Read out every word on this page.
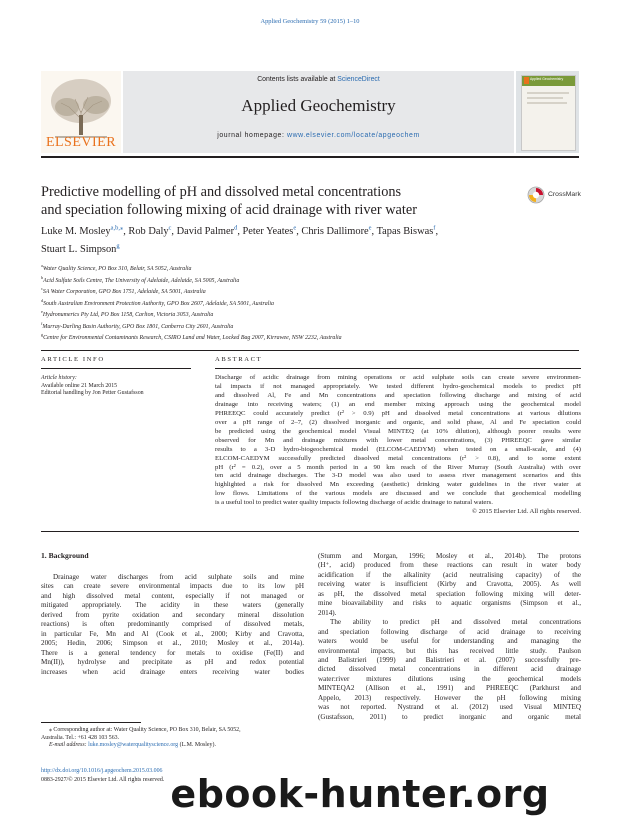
Applied Geochemistry 59 (2015) 1–10
ELSEVIER
Contents lists available at ScienceDirect
Applied Geochemistry
journal homepage: www.elsevier.com/locate/apgeochem
Applied Geochemistry
Predictive modelling of pH and dissolved metal concentrations
and speciation following mixing of acid drainage with river water
CrossMark
Luke M. Mosley$^{a,b,⁎}$, Rob Daly$^c$, David Palmer$^d$, Peter Yeates$^e$, Chris Dallimore$^e$, Tapas Biswas$^f$,
Stuart L. Simpson$^g$
$^a$Water Quality Science, PO Box 310, Belair, SA 5052, Australia
$^b$Acid Sulfate Soils Centre, The University of Adelaide, Adelaide, SA 5005, Australia
$^c$SA Water Corporation, GPO Box 1751, Adelaide, SA 5001, Australia
$^d$South Australian Environment Protection Authority, GPO Box 2607, Adelaide, SA 5001, Australia
$^e$Hydronumerics Pty Ltd, PO Box 1158, Carlton, Victoria 3053, Australia
$^f$Murray-Darling Basin Authority, GPO Box 1801, Canberra City 2601, Australia
$^g$Centre for Environmental Contaminants Research, CSIRO Land and Water, Locked Bag 2007, Kirrawee, NSW 2232, Australia
ARTICLE INFO
Article history:
Available online 21 March 2015
Editorial handling by Jon Petter Gustafsson
ABSTRACT
Discharge of acidic drainage from mining operations or acid sulphate soils can create severe environmen-
tal impacts if not managed appropriately. We tested different hydro-geochemical models to predict pH
and dissolved Al, Fe and Mn concentrations and speciation following discharge and mixing of acid
drainage into receiving waters; (1) an end member mixing approach using the geochemical model
PHREEQC could accurately predict (r² > 0.9) pH and dissolved metal concentrations at various dilutions
over a pH range of 2–7, (2) dissolved inorganic and organic, and solid phase, Al and Fe speciation could
be predicted using the geochemical model Visual MINTEQ (at 10% dilution), although poorer results were
observed for Mn and drainage mixtures with lower metal concentrations, (3) PHREEQC gave similar
results to a 3-D hydro-biogeochemical model (ELCOM-CAEDYM) when tested on a small-scale, and (4)
ELCOM-CAEDYM successfully predicted dissolved metal concentrations (r² > 0.8), and to some extent
pH (r² = 0.2), over a 5 month period in a 90 km reach of the River Murray (South Australia) with over
ten acid drainage discharges. The 3-D model was also used to assess river management scenarios and this
highlighted a risk for dissolved Mn exceeding (aesthetic) drinking water guidelines in the river water at
low flows. Limitations of the various models are discussed and we conclude that geochemical modelling
is a useful tool to predict water quality impacts following discharge of acidic drainage to natural waters.
© 2015 Elsevier Ltd. All rights reserved.
1. Background
Drainage water discharges from acid sulphate soils and mine
sites can create severe environmental impacts due to its low pH
and high dissolved metal content, especially if not managed or
mitigated appropriately. The acidity in these waters (generally
derived from pyrite oxidation and secondary mineral dissolution
reactions) is often predominantly comprised of dissolved metals,
in particular Fe, Mn and Al (Cook et al., 2000; Kirby and Cravotta,
2005; Hedin, 2006; Simpson et al., 2010; Mosley et al., 2014a).
There is a general tendency for metals to oxidise (Fe(II) and
Mn(II)), hydrolyse and precipitate as pH and redox potential
increases when acid drainage enters receiving water bodies
(Stumm and Morgan, 1996; Mosley et al., 2014b). The protons
(H⁺, acid) produced from these reactions can result in water body
acidification if the alkalinity (acid neutralising capacity) of the
receiving water is insufficient (Kirby and Cravotta, 2005). As well
as pH, the dissolved metal speciation following mixing will deter-
mine bioavailability and risks to aquatic organisms (Simpson et al.,
2014).
The ability to predict pH and dissolved metal concentrations
and speciation following discharge of acid drainage to receiving
waters would be useful for understanding and managing the
environmental impacts, but this has received little study. Paulson
and Balistrieri (1999) and Balistrieri et al. (2007) successfully pre-
dicted dissolved metal concentrations in different acid drainage
water:river mixtures dilutions using the geochemical models
MINTEQA2 (Allison et al., 1991) and PHREEQC (Parkhurst and
Appelo, 2013) respectively. However the pH following mixing
was not reported. Nystrand et al. (2012) used Visual MINTEQ
(Gustafsson, 2011) to predict inorganic and organic metal
⁎ Corresponding author at: Water Quality Science, PO Box 310, Belair, SA 5052,
Australia. Tel.: +61 428 103 563.
E-mail address: luke.mosley@waterqualityscience.org (L.M. Mosley).
http://dx.doi.org/10.1016/j.apgeochem.2015.03.006
0883-2927/© 2015 Elsevier Ltd. All rights reserved. ebook-hunter.org
